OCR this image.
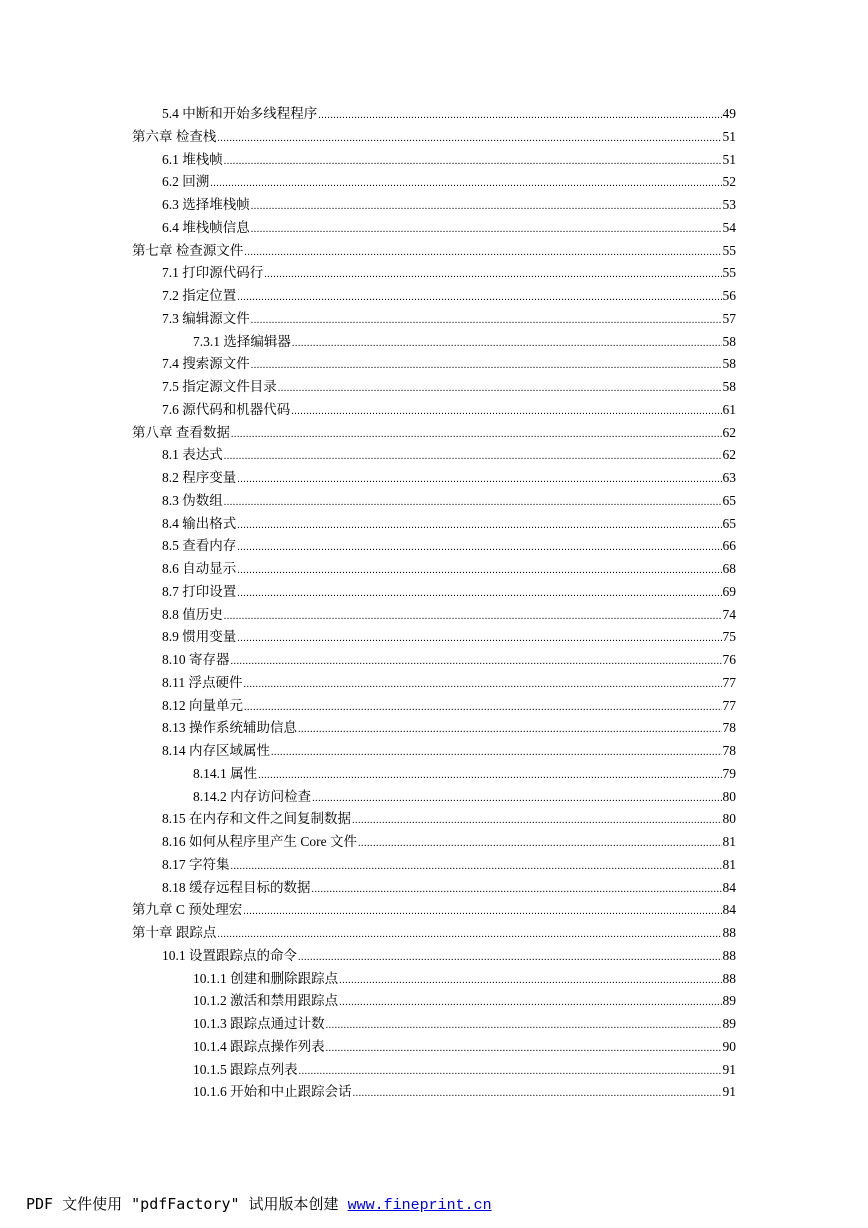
5.4 中断和开始多线程程序 .....	49
第六章 检查栈 .....	51
6.1 堆栈帧 .....	51
6.2 回溯 .....	52
6.3 选择堆栈帧 .....	53
6.4 堆栈帧信息 .....	54
第七章 检查源文件 .....	55
7.1 打印源代码行 .....	55
7.2 指定位置 .....	56
7.3 编辑源文件 .....	57
7.3.1 选择编辑器 .....	58
7.4 搜索源文件 .....	58
7.5 指定源文件目录 .....	58
7.6 源代码和机器代码 .....	61
第八章 查看数据 .....	62
8.1 表达式 .....	62
8.2 程序变量 .....	63
8.3 伪数组 .....	65
8.4 输出格式 .....	65
8.5 查看内存 .....	66
8.6 自动显示 .....	68
8.7 打印设置 .....	69
8.8 值历史 .....	74
8.9 惯用变量 .....	75
8.10 寄存器 .....	76
8.11 浮点硬件 .....	77
8.12 向量单元 .....	77
8.13 操作系统辅助信息 .....	78
8.14 内存区域属性 .....	78
8.14.1 属性 .....	79
8.14.2 内存访问检查 .....	80
8.15 在内存和文件之间复制数据 .....	80
8.16 如何从程序里产生 Core 文件 .....	81
8.17 字符集 .....	81
8.18 缓存远程目标的数据 .....	84
第九章 C 预处理宏 .....	84
第十章 跟踪点 .....	88
10.1 设置跟踪点的命令 .....	88
10.1.1 创建和删除跟踪点 .....	88
10.1.2 激活和禁用跟踪点 .....	89
10.1.3 跟踪点通过计数 .....	89
10.1.4 跟踪点操作列表 .....	90
10.1.5 跟踪点列表 .....	91
10.1.6 开始和中止跟踪会话 .....	91
PDF 文件使用 "pdfFactory" 试用版本创建 www.fineprint.cn
